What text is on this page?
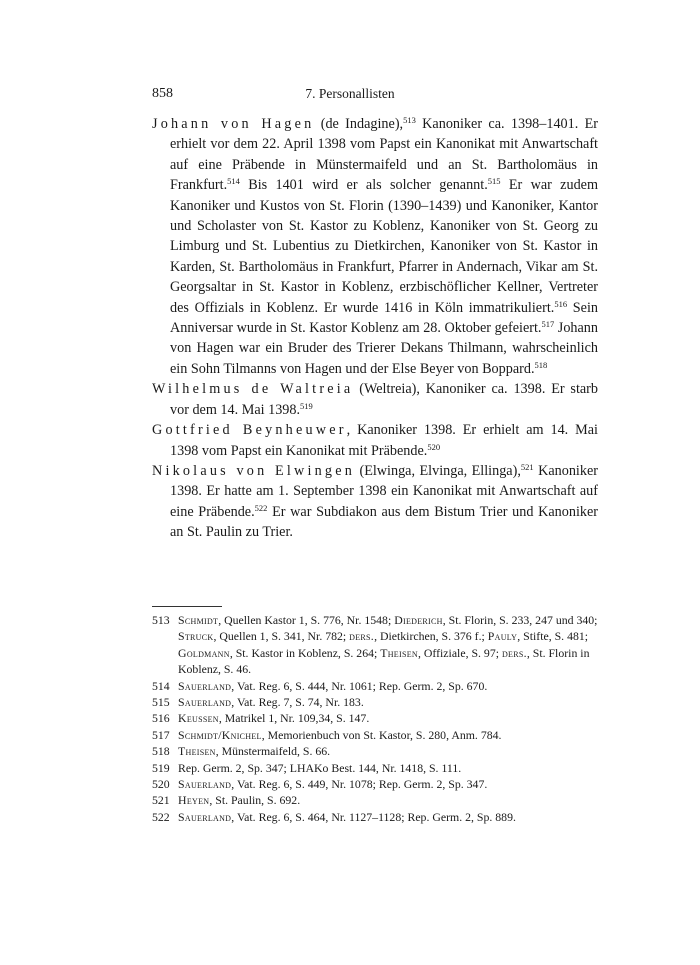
858	7. Personallisten

Johann von Hagen (de Indagine),$^{513}$ Kanoniker ca. 1398–1401. Er erhielt vor dem 22. April 1398 vom Papst ein Kanonikat mit Anwartschaft auf eine Präbende in Münstermaifeld und an St. Bartholomäus in Frankfurt.$^{514}$ Bis 1401 wird er als solcher genannt.$^{515}$ Er war zudem Kanoniker und Kustos von St. Florin (1390–1439) und Kanoniker, Kantor und Scholaster von St. Kastor zu Koblenz, Kanoniker von St. Georg zu Limburg und St. Lubentius zu Dietkirchen, Kanoniker von St. Kastor in Karden, St. Bartholomäus in Frankfurt, Pfarrer in Andernach, Vikar am St. Georgsaltar in St. Kastor in Koblenz, erzbischöflicher Kellner, Vertreter des Offizials in Koblenz. Er wurde 1416 in Köln immatrikuliert.$^{516}$ Sein Anniversar wurde in St. Kastor Koblenz am 28. Oktober gefeiert.$^{517}$ Johann von Hagen war ein Bruder des Trierer Dekans Thilmann, wahrscheinlich ein Sohn Tilmanns von Hagen und der Else Beyer von Boppard.$^{518}$

Wilhelmus de Waltreia (Weltreia), Kanoniker ca. 1398. Er starb vor dem 14. Mai 1398.$^{519}$

Gottfried Beynheuwer, Kanoniker 1398. Er erhielt am 14. Mai 1398 vom Papst ein Kanonikat mit Präbende.$^{520}$

Nikolaus von Elwingen (Elwinga, Elvinga, Ellinga),$^{521}$ Kanoniker 1398. Er hatte am 1. September 1398 ein Kanonikat mit Anwartschaft auf eine Präbende.$^{522}$ Er war Subdiakon aus dem Bistum Trier und Kanoniker an St. Paulin zu Trier.

513 Schmidt, Quellen Kastor 1, S. 776, Nr. 1548; Diederich, St. Florin, S. 233, 247 und 340; Struck, Quellen 1, S. 341, Nr. 782; ders., Dietkirchen, S. 376 f.; Pauly, Stifte, S. 481; Goldmann, St. Kastor in Koblenz, S. 264; Theisen, Offiziale, S. 97; ders., St. Florin in Koblenz, S. 46.
514 Sauerland, Vat. Reg. 6, S. 444, Nr. 1061; Rep. Germ. 2, Sp. 670.
515 Sauerland, Vat. Reg. 7, S. 74, Nr. 183.
516 Keussen, Matrikel 1, Nr. 109,34, S. 147.
517 Schmidt/Knichel, Memorienbuch von St. Kastor, S. 280, Anm. 784.
518 Theisen, Münstermaifeld, S. 66.
519 Rep. Germ. 2, Sp. 347; LHAKo Best. 144, Nr. 1418, S. 111.
520 Sauerland, Vat. Reg. 6, S. 449, Nr. 1078; Rep. Germ. 2, Sp. 347.
521 Heyen, St. Paulin, S. 692.
522 Sauerland, Vat. Reg. 6, S. 464, Nr. 1127–1128; Rep. Germ. 2, Sp. 889.
